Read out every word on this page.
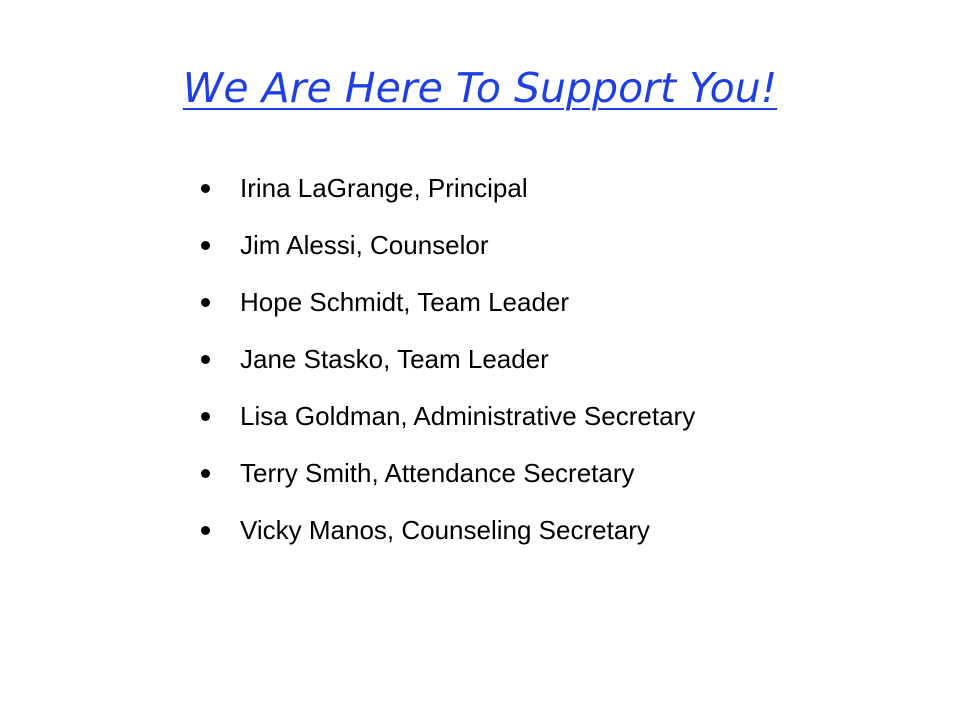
We Are Here To Support You!
Irina LaGrange, Principal
Jim Alessi, Counselor
Hope Schmidt, Team Leader
Jane Stasko, Team Leader
Lisa Goldman, Administrative Secretary
Terry Smith, Attendance Secretary
Vicky Manos, Counseling Secretary
